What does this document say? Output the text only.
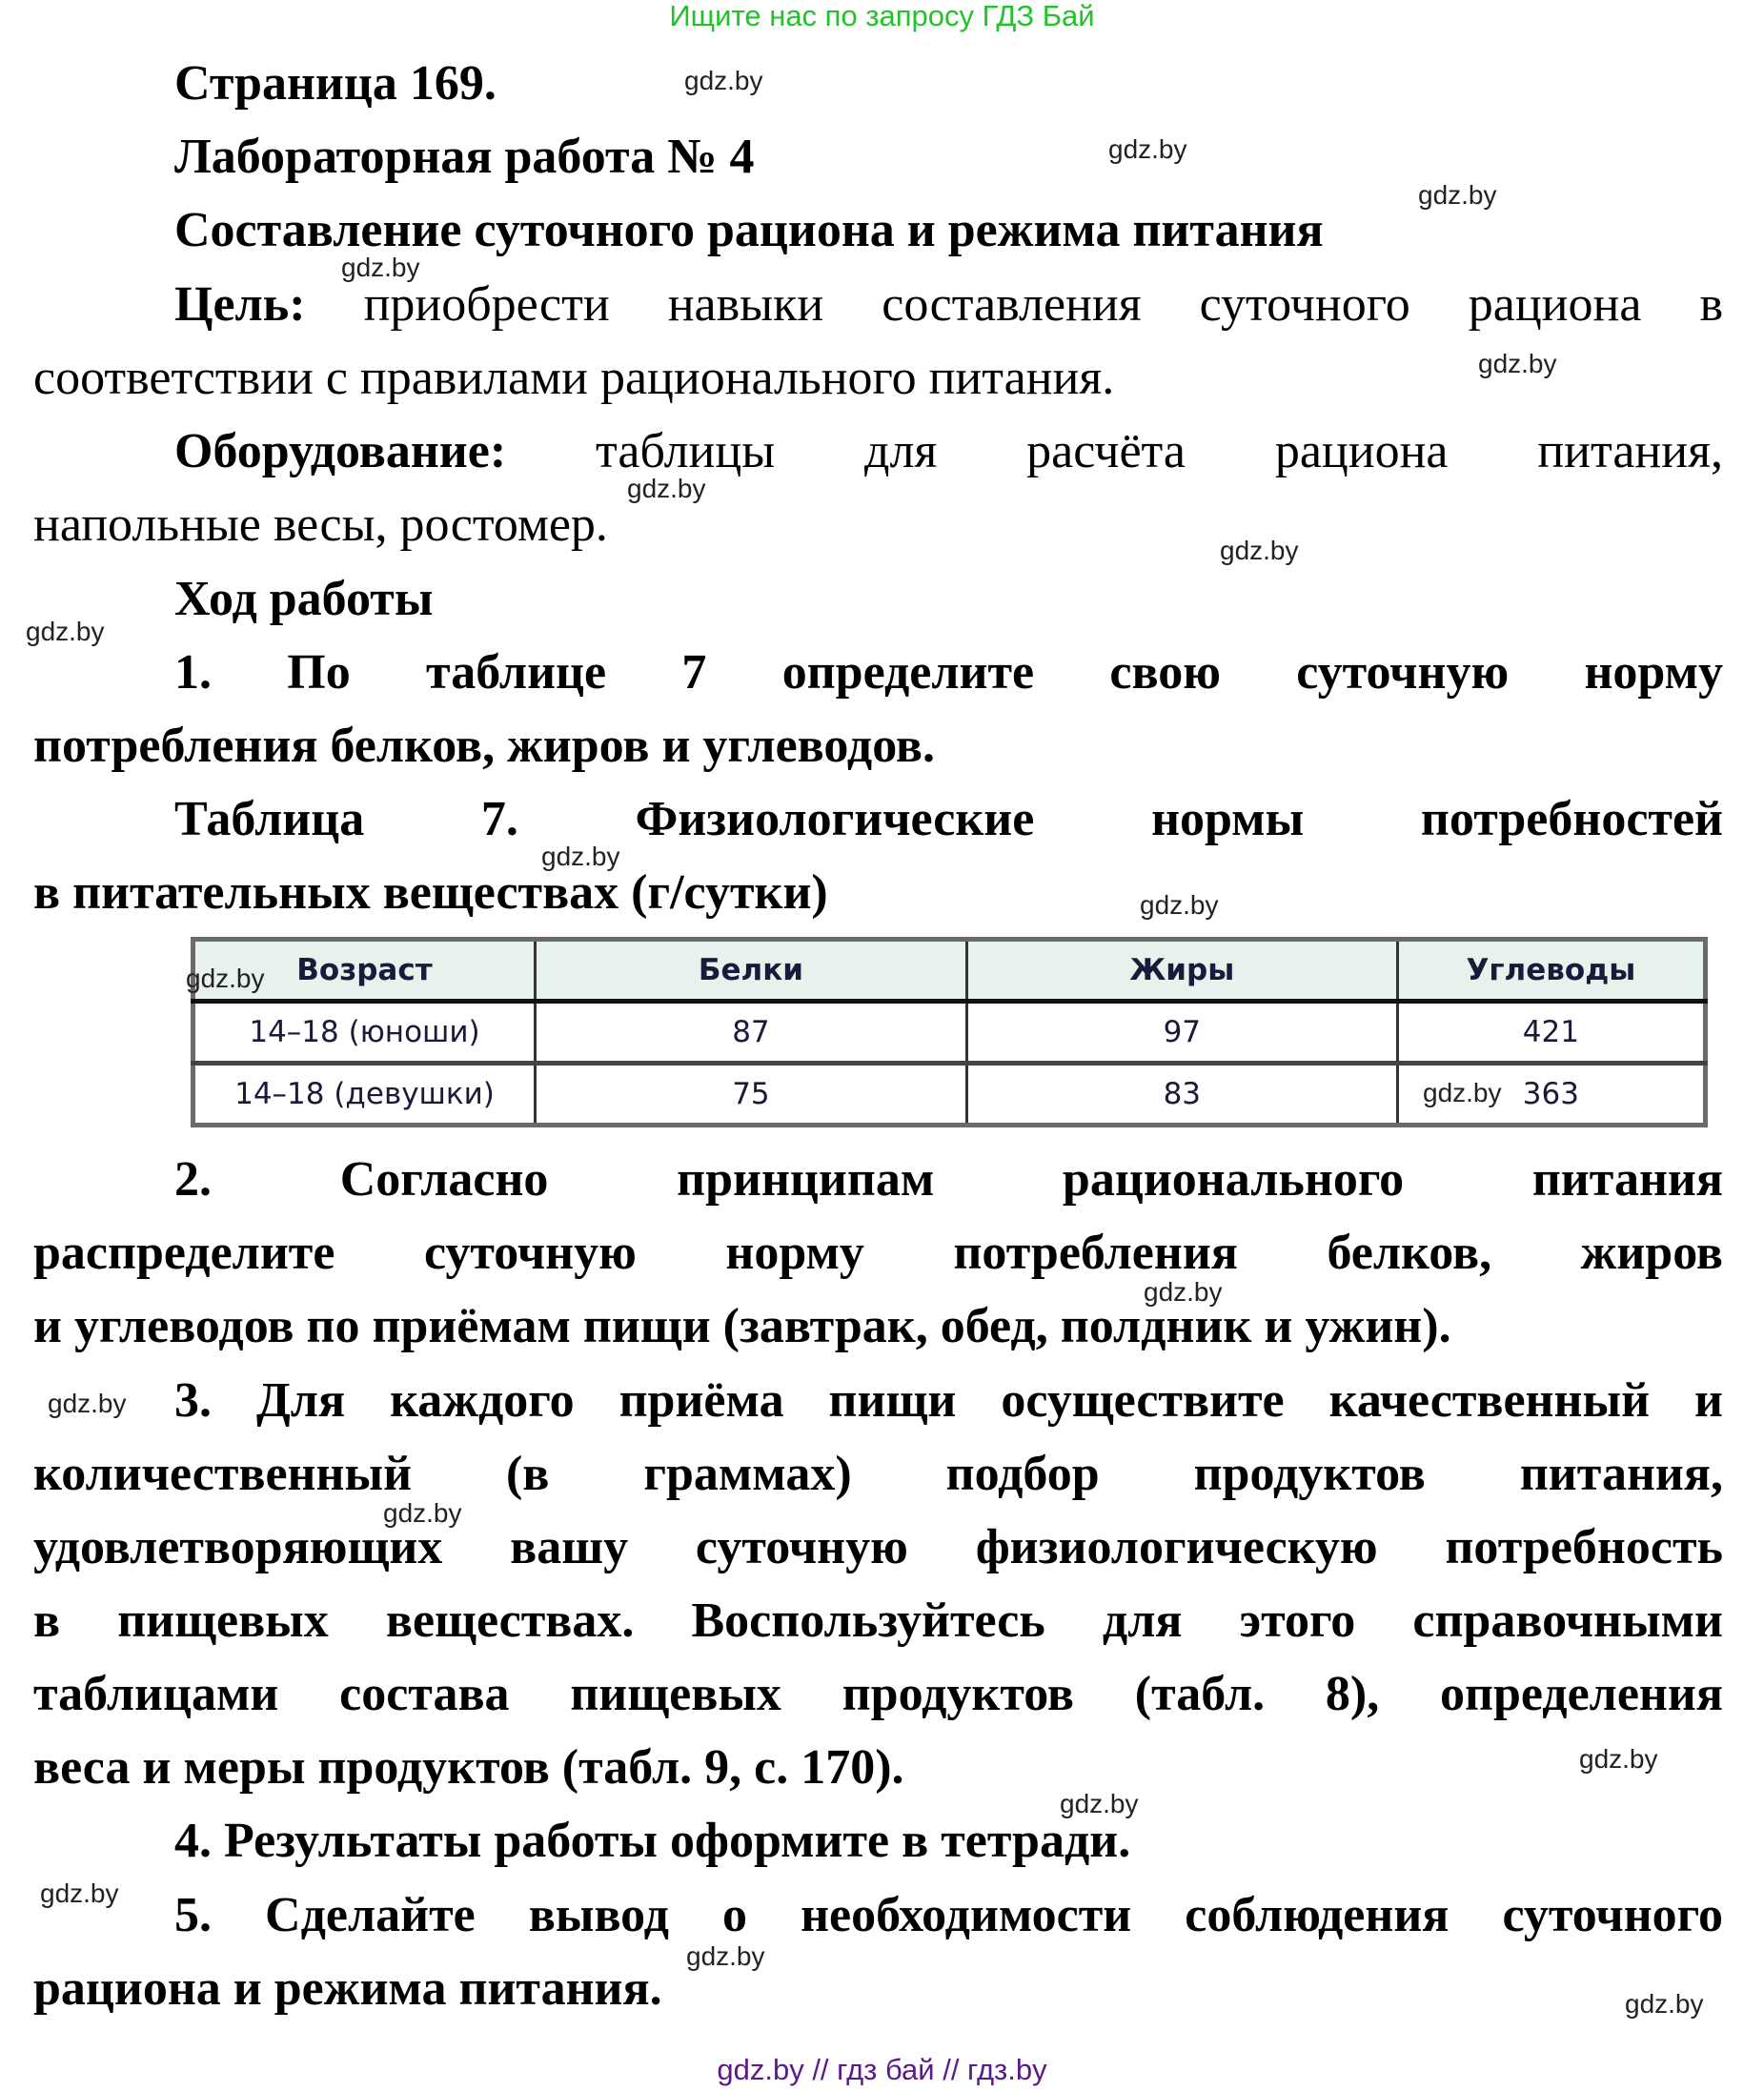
Ищите нас по запросу ГДЗ Бай
Страница 169.
Лабораторная работа № 4
Составление суточного рациона и режима питания
Цель: приобрести навыки составления суточного рациона в
соответствии с правилами рационального питания.
Оборудование: таблицы для расчёта рациона питания,
напольные весы, ростомер.
Ход работы
1. По таблице 7 определите свою суточную норму
потребления белков, жиров и углеводов.
Таблица 7. Физиологические нормы потребностей
в питательных веществах (г/сутки)
Возраст	Белки	Жиры	Углеводы
14–18 (юноши)	87	97	421
14–18 (девушки)	75	83	363
2. Согласно принципам рационального питания
распределите суточную норму потребления белков, жиров
и углеводов по приёмам пищи (завтрак, обед, полдник и ужин).
3. Для каждого приёма пищи осуществите качественный и
количественный (в граммах) подбор продуктов питания,
удовлетворяющих вашу суточную физиологическую потребность
в пищевых веществах. Воспользуйтесь для этого справочными
таблицами состава пищевых продуктов (табл. 8), определения
веса и меры продуктов (табл. 9, с. 170).
4. Результаты работы оформите в тетради.
5. Сделайте вывод о необходимости соблюдения суточного
рациона и режима питания.
gdz.by
gdz.by
gdz.by
gdz.by
gdz.by
gdz.by
gdz.by
gdz.by
gdz.by
gdz.by
gdz.by
gdz.by
gdz.by
gdz.by
gdz.by
gdz.by
gdz.by
gdz.by
gdz.by
gdz.by
gdz.by // гдз бай // гдз.by
